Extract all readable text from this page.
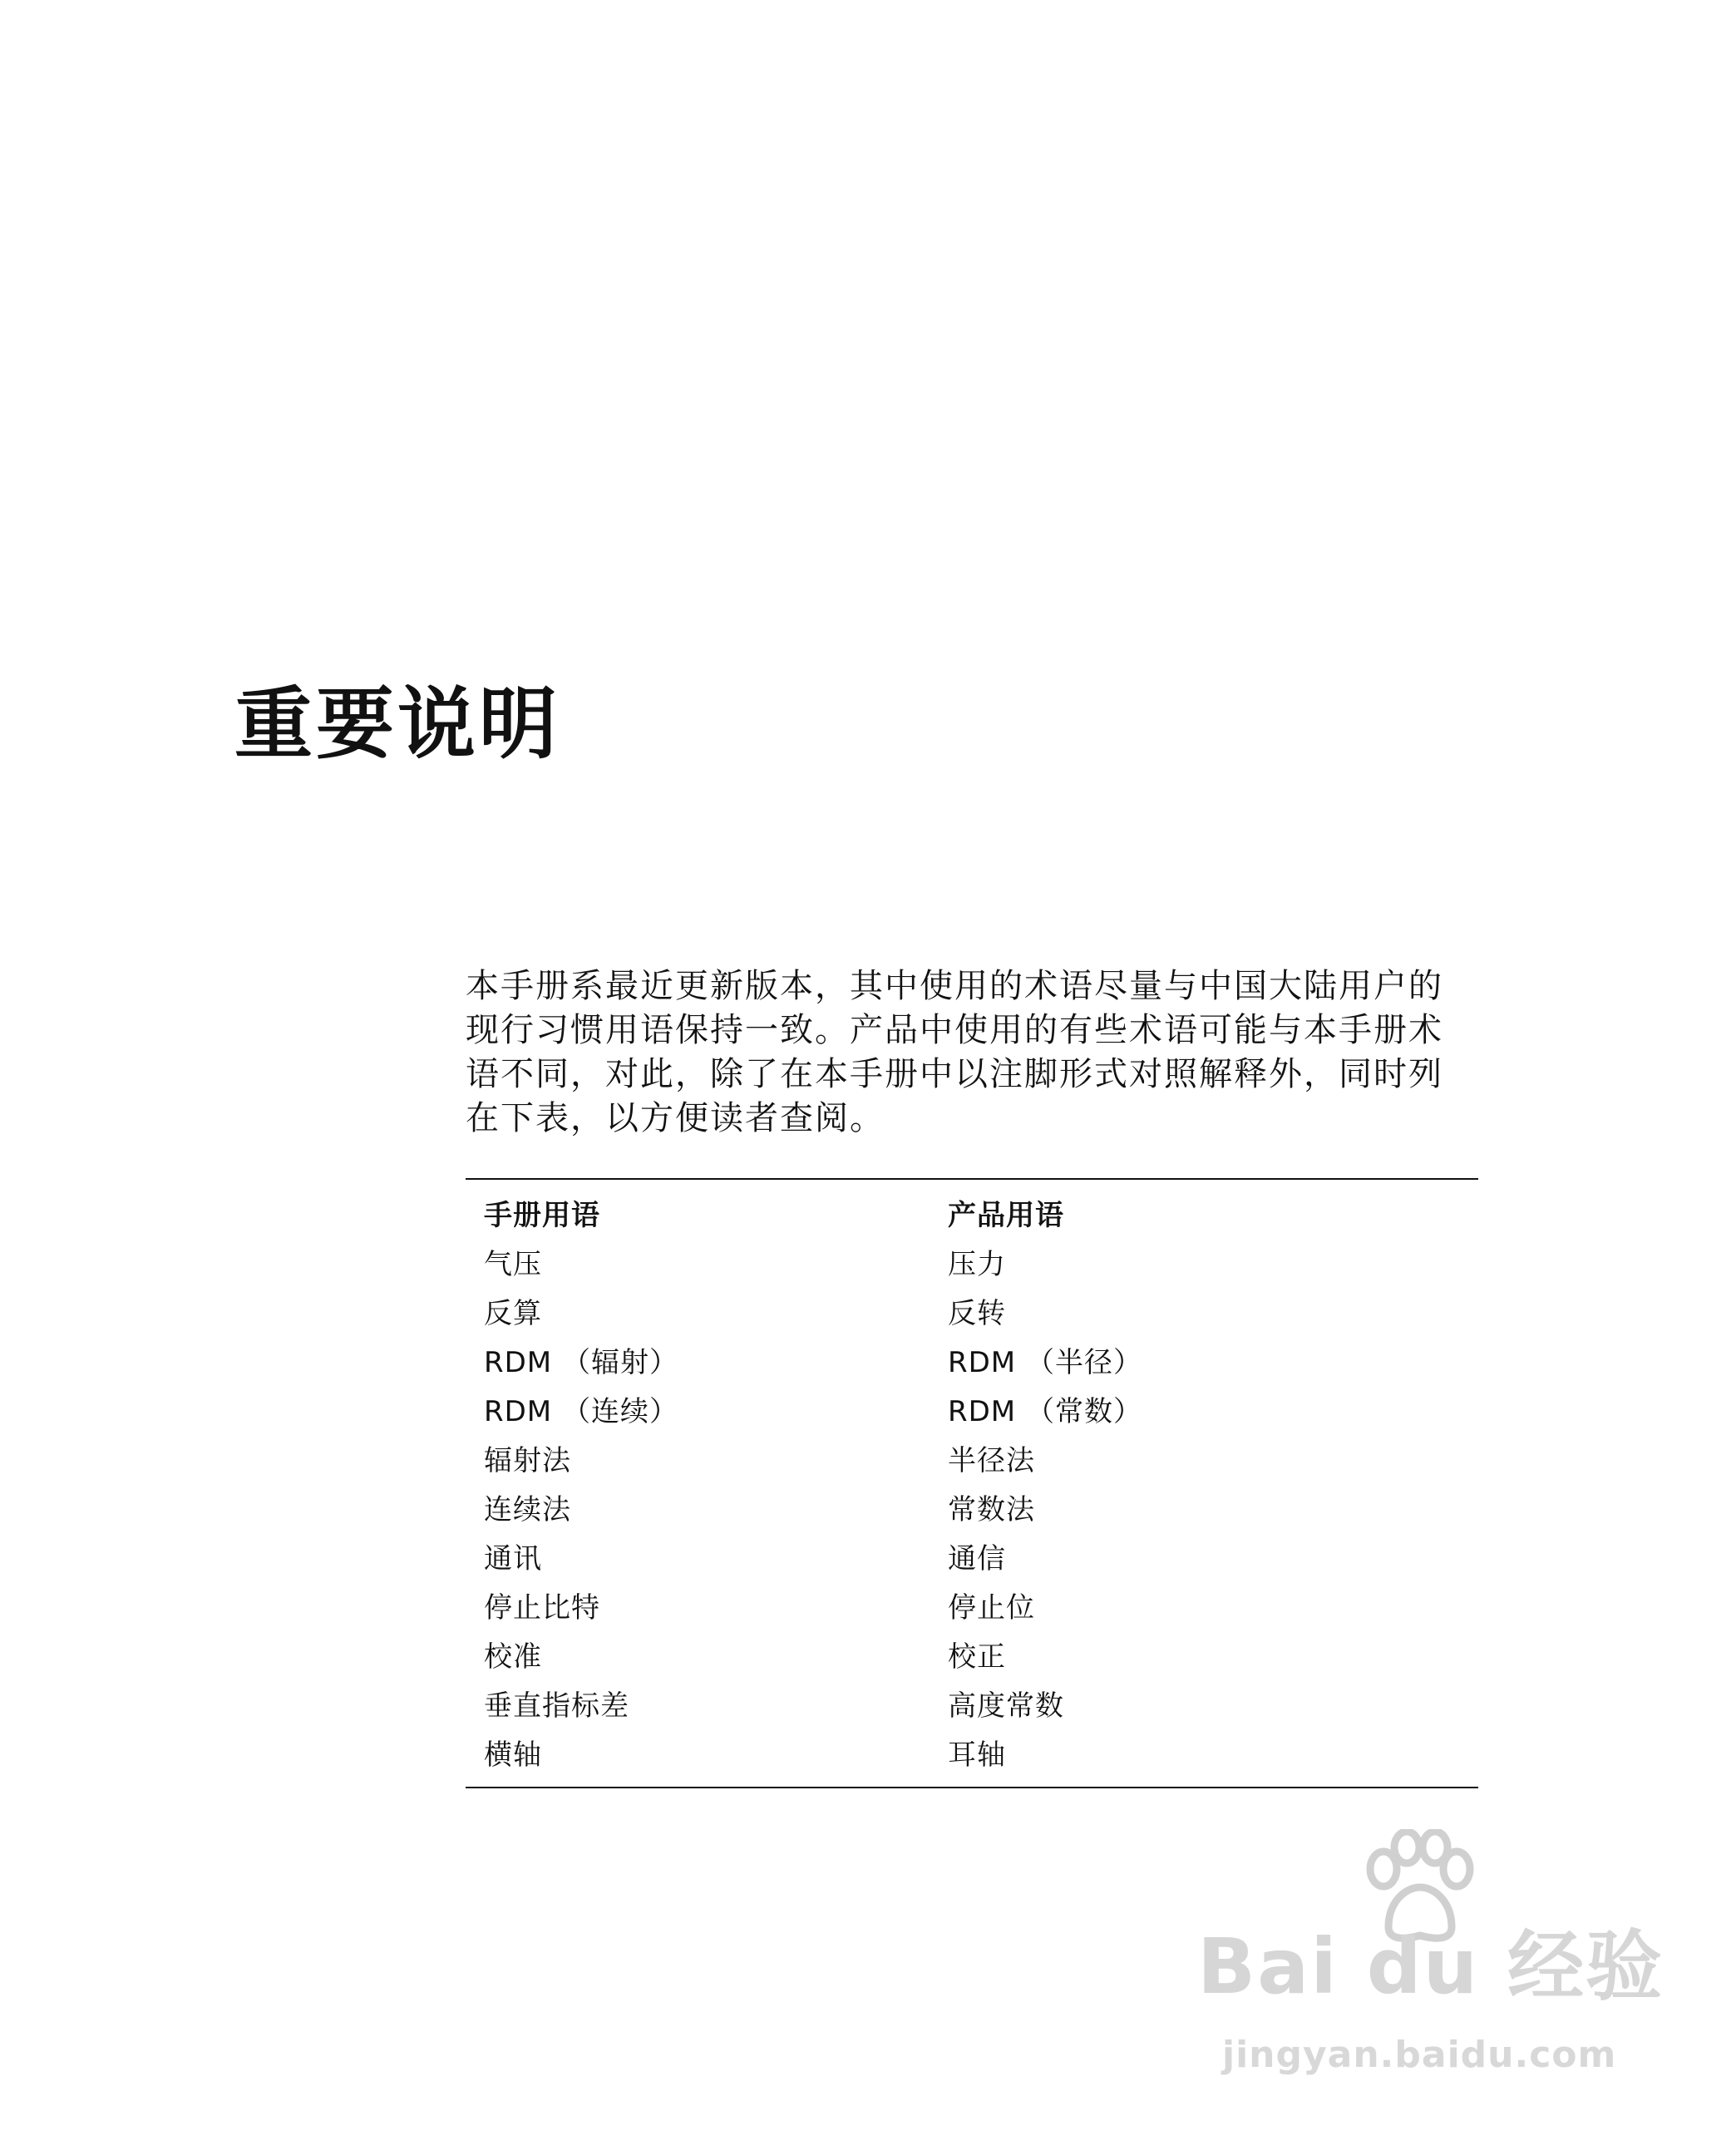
重要说明
本手册系最近更新版本，其中使用的术语尽量与中国大陆用户的
现行习惯用语保持一致。产品中使用的有些术语可能与本手册术
语不同，对此，除了在本手册中以注脚形式对照解释外，同时列
在下表，以方便读者查阅。
手册用语	产品用语
气压	压力
反算	反转
RDM （辐射）	RDM （半径）
RDM （连续）	RDM （常数）
辐射法	半径法
连续法	常数法
通讯	通信
停止比特	停止位
校准	校正
垂直指标差	高度常数
横轴	耳轴
Bai du 经验
jingyan.baidu.com
